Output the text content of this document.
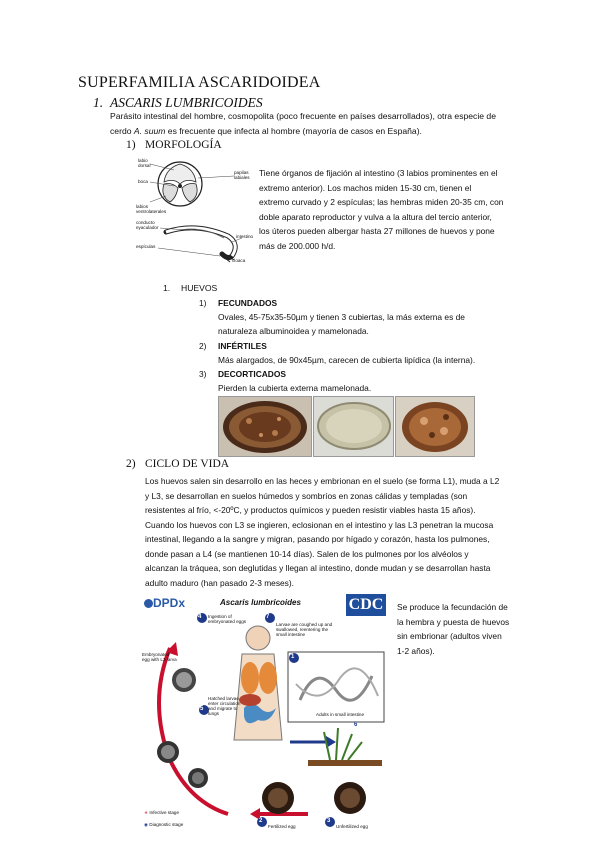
SUPERFAMILIA ASCARIDOIDEA
1. ASCARIS LUMBRICOIDES
Parásito intestinal del hombre, cosmopolita (poco frecuente en países desarrollados), otra especie de
cerdo A. suum es frecuente que infecta al hombre (mayoría de casos en España).
1) MORFOLOGÍA
labio dorsal
boca
labios ventrolaterales
papilas labiales
conducto eyaculador
espículas
intestino
cloaca
Tiene órganos de fijación al intestino (3 labios prominentes en el
extremo anterior). Los machos miden 15-30 cm, tienen el
extremo curvado y 2 espículas; las hembras miden 20-35 cm, con
doble aparato reproductor y vulva a la altura del tercio anterior,
los úteros pueden albergar hasta 27 millones de huevos y pone
más de 200.000 h/d.
1. HUEVOS
1) FECUNDADOS
Ovales, 45-75x35-50µm y tienen 3 cubiertas, la más externa es de
naturaleza albuminoidea y mamelonada.
2) INFÉRTILES
Más alargados, de 90x45µm, carecen de cubierta lipídica (la interna).
3) DECORTICADOS
Pierden la cubierta externa mamelonada.
2) CICLO DE VIDA
Los huevos salen sin desarrollo en las heces y embrionan en el suelo (se forma L1), muda a L2
y L3, se desarrollan en suelos húmedos y sombríos en zonas cálidas y templadas (son
resistentes al frío, <-20ºC, y productos químicos y pueden resistir viables hasta 15 años).
Cuando los huevos con L3 se ingieren, eclosionan en el intestino y las L3 penetran la mucosa
intestinal, llegando a la sangre y migran, pasando por hígado y corazón, hasta los pulmones,
donde pasan a L4 (se mantienen 10-14 días). Salen de los pulmones por los alvéolos y
alcanzan la tráquea, son deglutidas y llegan al intestino, donde mudan y se desarrollan hasta
adulto maduro (han pasado 2-3 meses).
Se produce la fecundación de
la hembra y puesta de huevos
sin embrionar (adultos viven
1-2 años).
DPDx	Ascaris lumbricoides	CDC
4	7
1
5
2	3
6
Ingestion of embryonated eggs
Embryonated egg with L3 larva
Hatched larvae enter circulation and migrate to lungs
Larvae are coughed up and swallowed, reentering the small intestine
Adults in small intestine
Fertilized egg	Unfertilized egg
☣ Infective stage
◉ Diagnostic stage
